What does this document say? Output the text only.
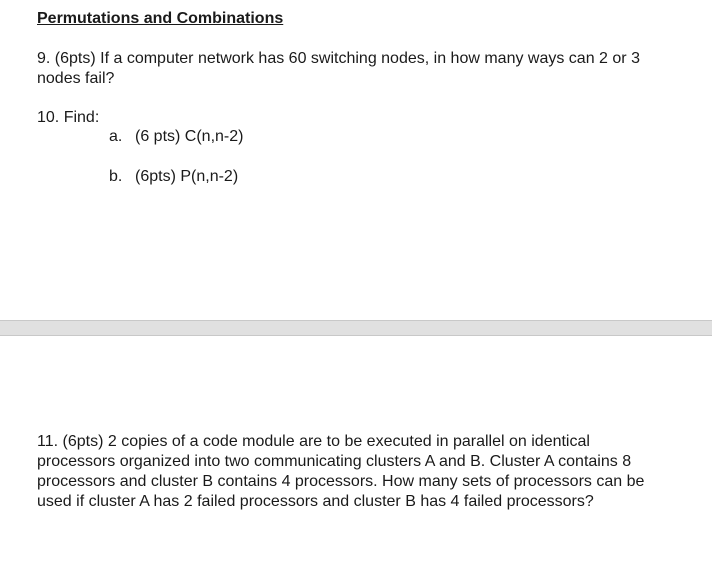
Permutations and Combinations
9. (6pts) If a computer network has 60 switching nodes, in how many ways can 2 or 3 nodes fail?
10. Find:
a. (6 pts) C(n,n-2)
b. (6pts) P(n,n-2)
11. (6pts) 2 copies of a code module are to be executed in parallel on identical processors organized into two communicating clusters A and B. Cluster A contains 8 processors and cluster B contains 4 processors. How many sets of processors can be used if cluster A has 2 failed processors and cluster B has 4 failed processors?
